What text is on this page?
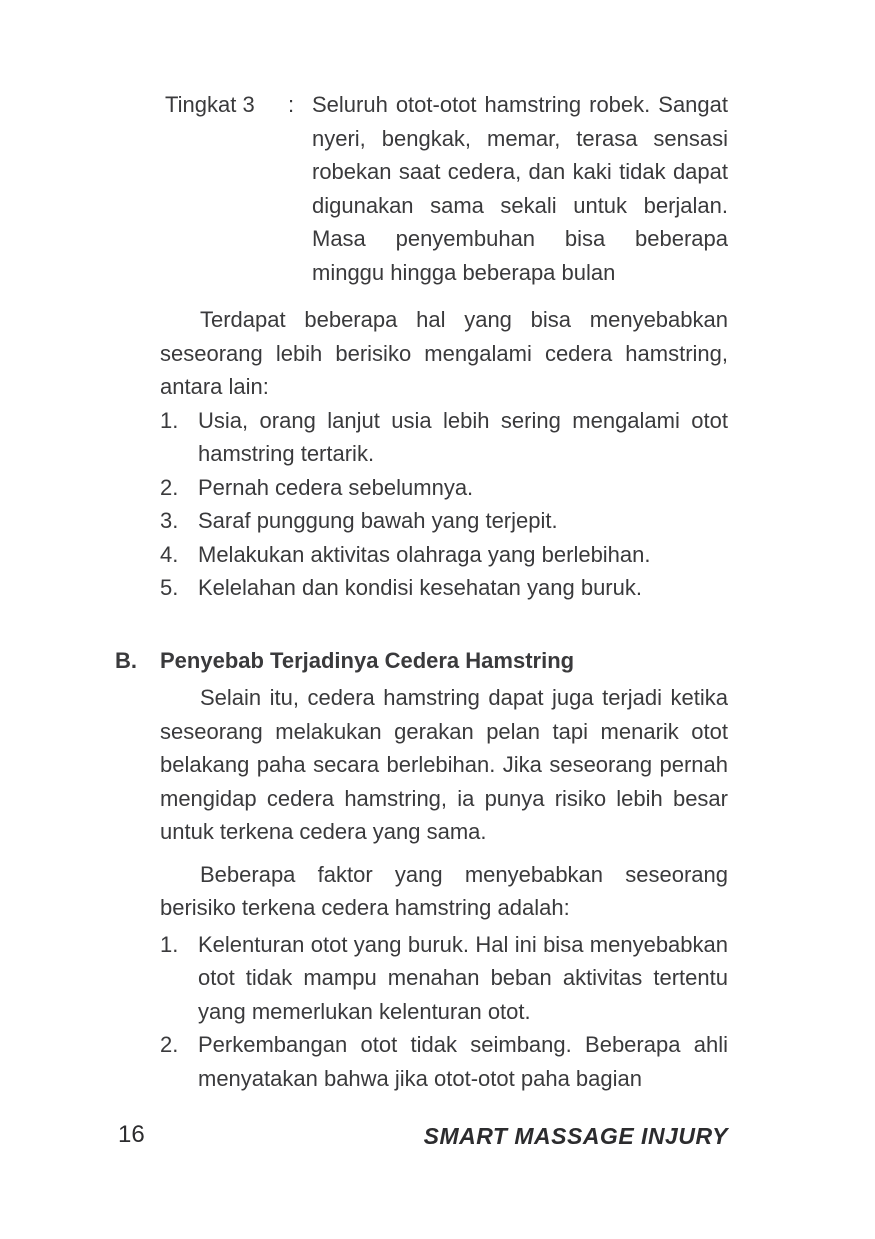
Tingkat 3	: Seluruh otot-otot hamstring robek. Sangat nyeri, bengkak, memar, terasa sensasi robekan saat cedera, dan kaki tidak dapat digunakan sama sekali untuk berjalan. Masa penyembuhan bisa beberapa minggu hingga beberapa bulan

Terdapat beberapa hal yang bisa menyebabkan seseorang lebih berisiko mengalami cedera hamstring, antara lain:

1. Usia, orang lanjut usia lebih sering mengalami otot hamstring tertarik.
2. Pernah cedera sebelumnya.
3. Saraf punggung bawah yang terjepit.
4. Melakukan aktivitas olahraga yang berlebihan.
5. Kelelahan dan kondisi kesehatan yang buruk.
B.	Penyebab Terjadinya Cedera Hamstring

Selain itu, cedera hamstring dapat juga terjadi ketika seseorang melakukan gerakan pelan tapi menarik otot belakang paha secara berlebihan. Jika seseorang pernah mengidap cedera hamstring, ia punya risiko lebih besar untuk terkena cedera yang sama.

Beberapa faktor yang menyebabkan seseorang berisiko terkena cedera hamstring adalah:

1. Kelenturan otot yang buruk. Hal ini bisa menyebabkan otot tidak mampu menahan beban aktivitas tertentu yang memerlukan kelenturan otot.
2. Perkembangan otot tidak seimbang. Beberapa ahli menyatakan bahwa jika otot-otot paha bagian
16	SMART MASSAGE INJURY
